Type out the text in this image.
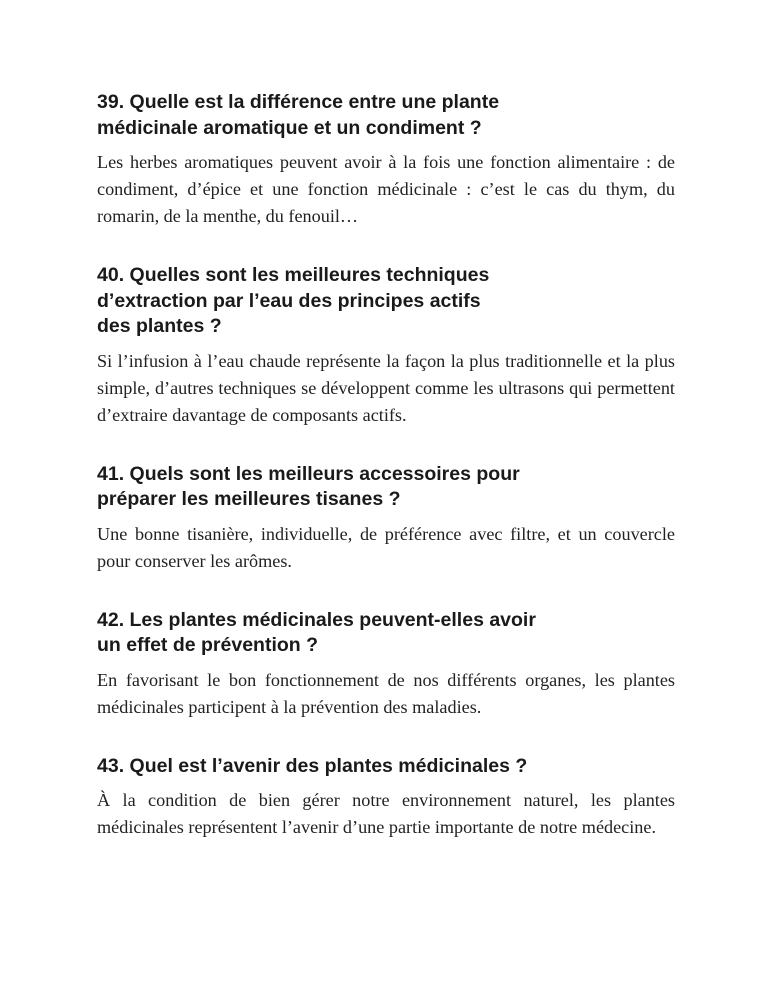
39. Quelle est la différence entre une plante
médicinale aromatique et un condiment ?

Les herbes aromatiques peuvent avoir à la fois une fonction alimentaire : de condiment, d’épice et une fonction médicinale : c’est le cas du thym, du romarin, de la menthe, du fenouil…

40. Quelles sont les meilleures techniques
d’extraction par l’eau des principes actifs
des plantes ?

Si l’infusion à l’eau chaude représente la façon la plus traditionnelle et la plus simple, d’autres techniques se développent comme les ultrasons qui permettent d’extraire davantage de composants actifs.

41. Quels sont les meilleurs accessoires pour
préparer les meilleures tisanes ?

Une bonne tisanière, individuelle, de préférence avec filtre, et un couvercle pour conserver les arômes.

42. Les plantes médicinales peuvent-elles avoir
un effet de prévention ?

En favorisant le bon fonctionnement de nos différents organes, les plantes médicinales participent à la prévention des maladies.

43. Quel est l’avenir des plantes médicinales ?

À la condition de bien gérer notre environnement naturel, les plantes médicinales représentent l’avenir d’une partie importante de notre médecine.
